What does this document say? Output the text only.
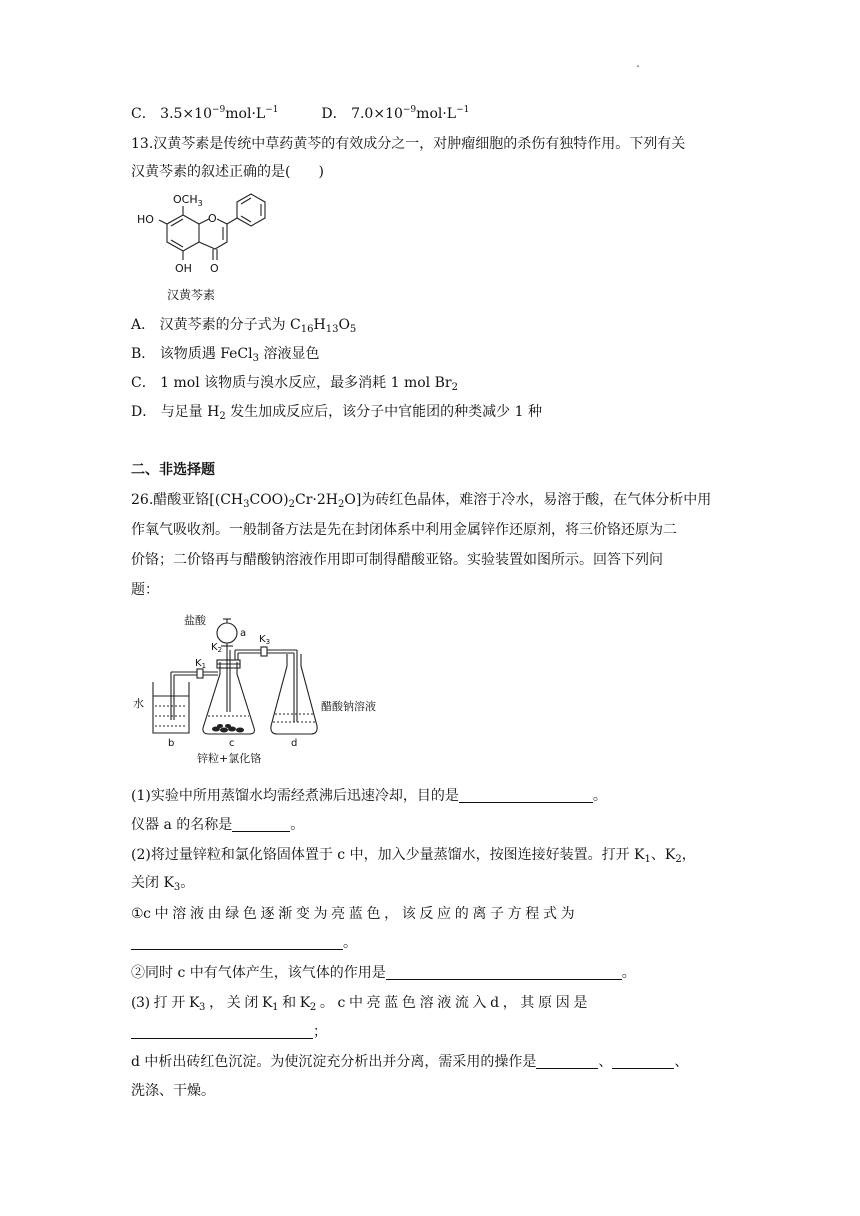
.
C． $3.5\times 10^{-9}mol\cdot L^{-1}$	D． $7.0\times 10^{-9}mol\cdot L^{-1}$
13.汉黄芩素是传统中草药黄芩的有效成分之一，对肿瘤细胞的杀伤有独特作用。下列有关
汉黄芩素的叙述正确的是(　　)
$OCH_3$
HO	O
OH O
汉黄芩素
A． 汉黄芩素的分子式为 $C_{16}H_{13}O_5$
B． 该物质遇 FeCl$_3$ 溶液显色
C． 1 mol 该物质与溴水反应，最多消耗 1 mol $Br_2$
D． 与足量 $H_2$ 发生加成反应后，该分子中官能团的种类减少 1 种
二、非选择题
26.醋酸亚铬$[(CH_3COO)_2Cr\cdot 2H_2O]$为砖红色晶体，难溶于冷水，易溶于酸，在气体分析中用
作氧气吸收剂。一般制备方法是先在封闭体系中利用金属锌作还原剂，将三价铬还原为二
价铬；二价铬再与醋酸钠溶液作用即可制得醋酸亚铬。实验装置如图所示。回答下列问
题：
盐酸
a
$K_2$
$K_3$
$K_1$
水	醋酸钠溶液
b	c	d
锌粒+氯化铬
(1)实验中所用蒸馏水均需经煮沸后迅速冷却，目的是	。
仪器 a 的名称是	。
(2)将过量锌粒和氯化铬固体置于 c 中，加入少量蒸馏水，按图连接好装置。打开 $K_1$、$K_2$，
关闭 $K_3$。
①c 中 溶 液 由 绿 色 逐 渐 变 为 亮 蓝 色 ， 该 反 应 的 离 子 方 程 式 为
。
②同时 c 中有气体产生，该气体的作用是	。
(3) 打 开 $K_3$ ， 关 闭 $K_1$ 和 $K_2$ 。 c 中 亮 蓝 色 溶 液 流 入 d ， 其 原 因 是
；
d 中析出砖红色沉淀。为使沉淀充分析出并分离，需采用的操作是	、	、
洗涤、干燥。
